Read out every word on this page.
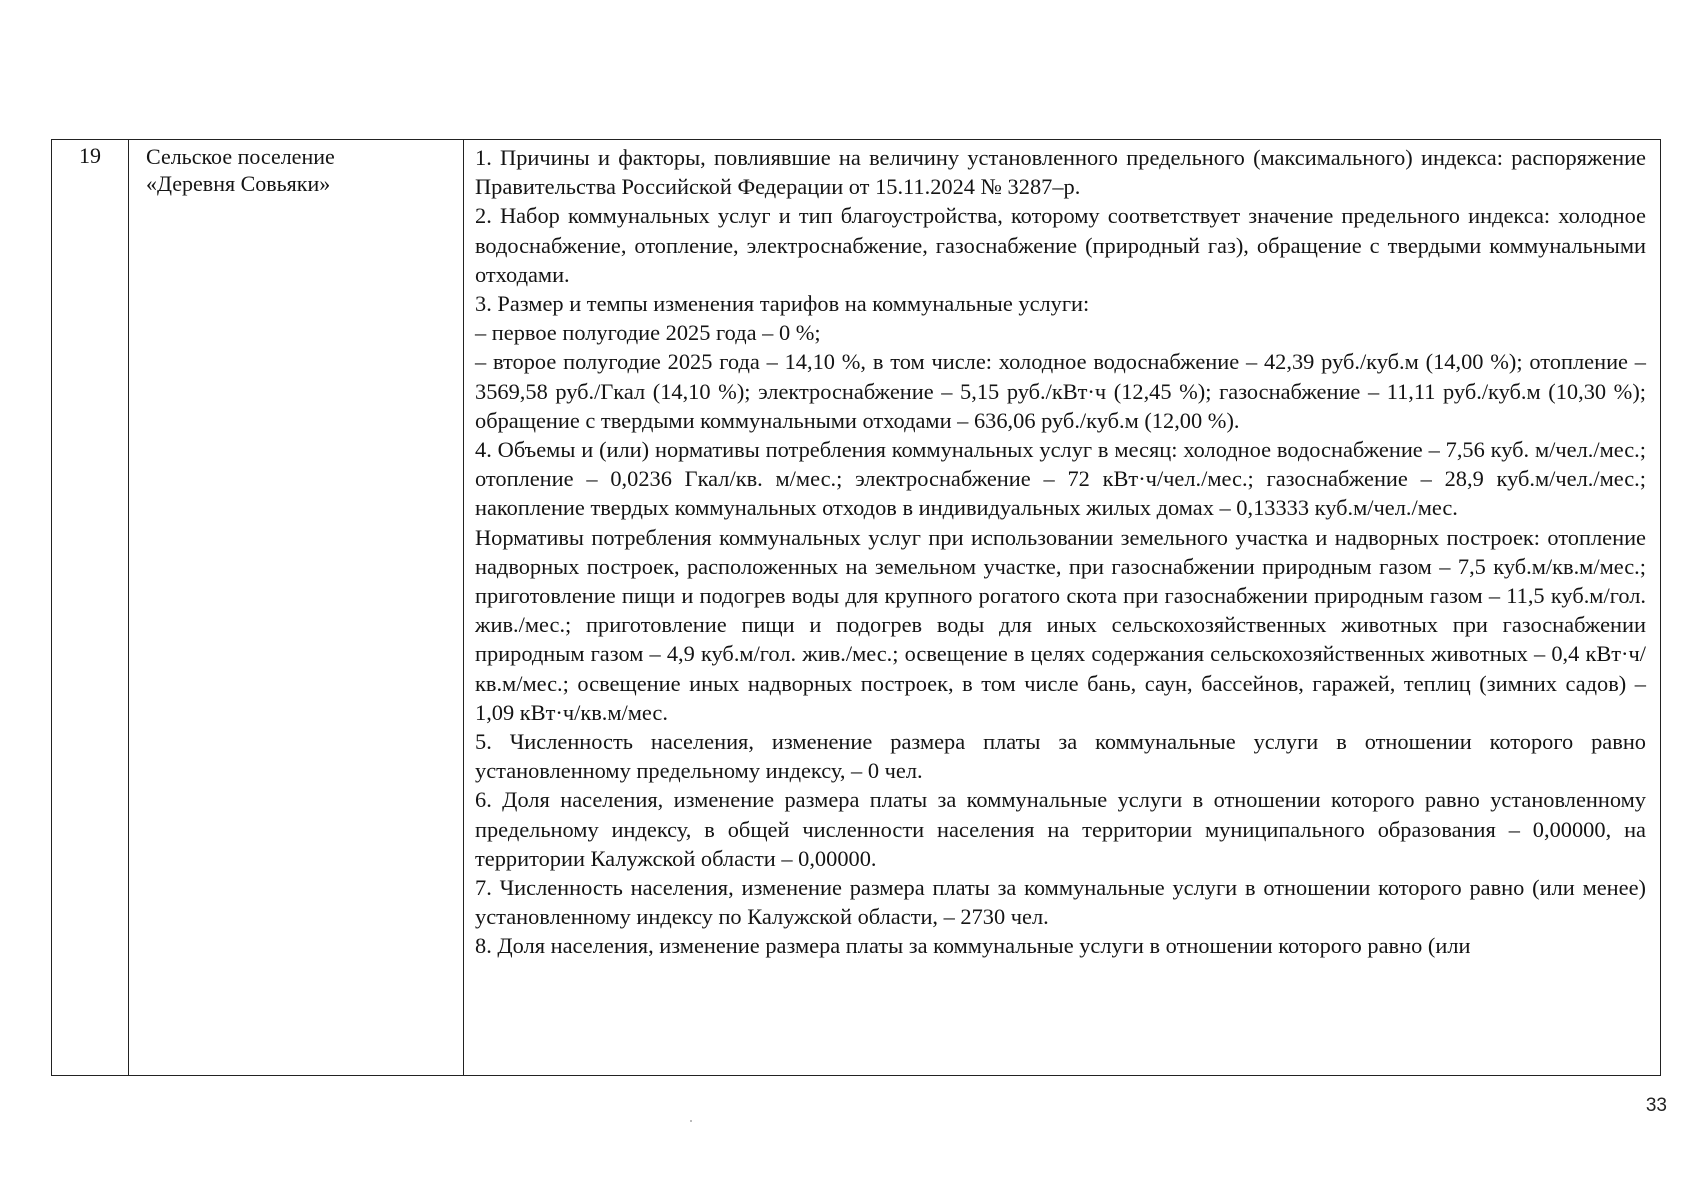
19	Сельское поселение
«Деревня Совьяки»

1. Причины и факторы, повлиявшие на величину установленного предельного (максимального) индекса: распоряжение Правительства Российской Федерации от 15.11.2024 № 3287–р.

2. Набор коммунальных услуг и тип благоустройства, которому соответствует значение предельного индекса: холодное водоснабжение, отопление, электроснабжение, газоснабжение (природный газ), обращение с твердыми коммунальными отходами.

3. Размер и темпы изменения тарифов на коммунальные услуги:

– первое полугодие 2025 года – 0 %;

– второе полугодие 2025 года – 14,10 %, в том числе: холодное водоснабжение – 42,39 руб./куб.м (14,00 %); отопление – 3569,58 руб./Гкал (14,10 %); электроснабжение – 5,15 руб./кВт·ч (12,45 %); газоснабжение – 11,11 руб./куб.м (10,30 %); обращение с твердыми коммунальными отходами – 636,06 руб./куб.м (12,00 %).

4. Объемы и (или) нормативы потребления коммунальных услуг в месяц: холодное водоснабжение – 7,56 куб. м/чел./мес.; отопление – 0,0236 Гкал/кв. м/мес.; электроснабжение – 72 кВт·ч/чел./мес.; газоснабжение – 28,9 куб.м/чел./мес.; накопление твердых коммунальных отходов в индивидуальных жилых домах – 0,13333 куб.м/чел./мес.

Нормативы потребления коммунальных услуг при использовании земельного участка и надворных построек: отопление надворных построек, расположенных на земельном участке, при газоснабжении природным газом – 7,5 куб.м/кв.м/мес.; приготовление пищи и подогрев воды для крупного рогатого скота при газоснабжении природным газом – 11,5 куб.м/гол. жив./мес.; приготовление пищи и подогрев воды для иных сельскохозяйственных животных при газоснабжении природным газом – 4,9 куб.м/гол. жив./мес.; освещение в целях содержания сельскохозяйственных животных – 0,4 кВт·ч/кв.м/мес.; освещение иных надворных построек, в том числе бань, саун, бассейнов, гаражей, теплиц (зимних садов) – 1,09 кВт·ч/кв.м/мес.

5. Численность населения, изменение размера платы за коммунальные услуги в отношении которого равно установленному предельному индексу, – 0 чел.

6. Доля населения, изменение размера платы за коммунальные услуги в отношении которого равно установленному предельному индексу, в общей численности населения на территории муниципального образования – 0,00000, на территории Калужской области – 0,00000.

7. Численность населения, изменение размера платы за коммунальные услуги в отношении которого равно (или менее) установленному индексу по Калужской области, – 2730 чел.

8. Доля населения, изменение размера платы за коммунальные услуги в отношении которого равно (или

33
